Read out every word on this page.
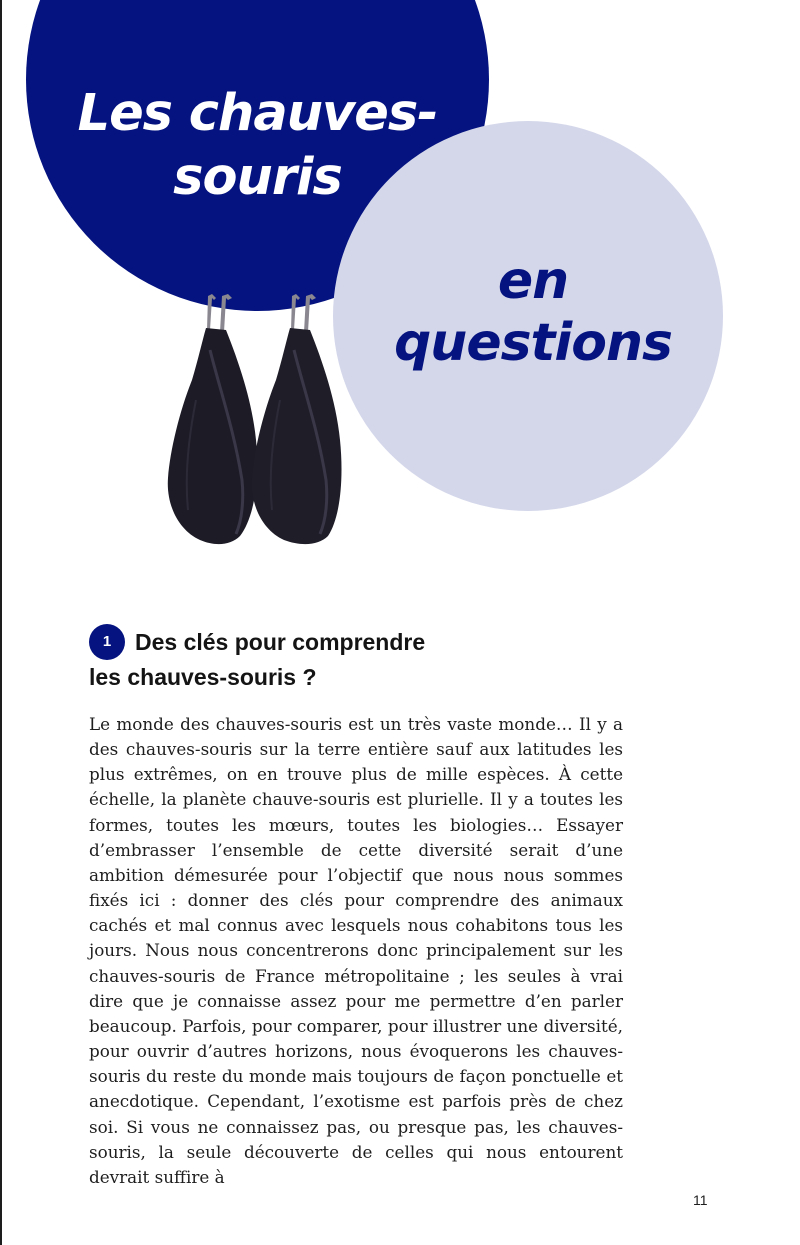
Les chauves-
souris
en
questions
1 Des clés pour comprendre
les chauves-souris ?

Le monde des chauves-souris est un très vaste monde… Il y a des chauves-souris sur la terre entière sauf aux latitudes les plus extrêmes, on en trouve plus de mille espèces. À cette échelle, la planète chauve-souris est plurielle. Il y a toutes les formes, toutes les mœurs, toutes les biologies… Essayer d’embrasser l’ensemble de cette diversité serait d’une ambition démesurée pour l’objectif que nous nous sommes fixés ici : donner des clés pour comprendre des animaux cachés et mal connus avec lesquels nous cohabitons tous les jours. Nous nous concentrerons donc principalement sur les chauves-souris de France métropolitaine ; les seules à vrai dire que je connaisse assez pour me permettre d’en parler beaucoup. Parfois, pour comparer, pour illustrer une diversité, pour ouvrir d’autres horizons, nous évoquerons les chauves-souris du reste du monde mais toujours de façon ponctuelle et anecdotique. Cependant, l’exotisme est parfois près de chez soi. Si vous ne connaissez pas, ou presque pas, les chauves-souris, la seule découverte de celles qui nous entourent devrait suffire à

11
